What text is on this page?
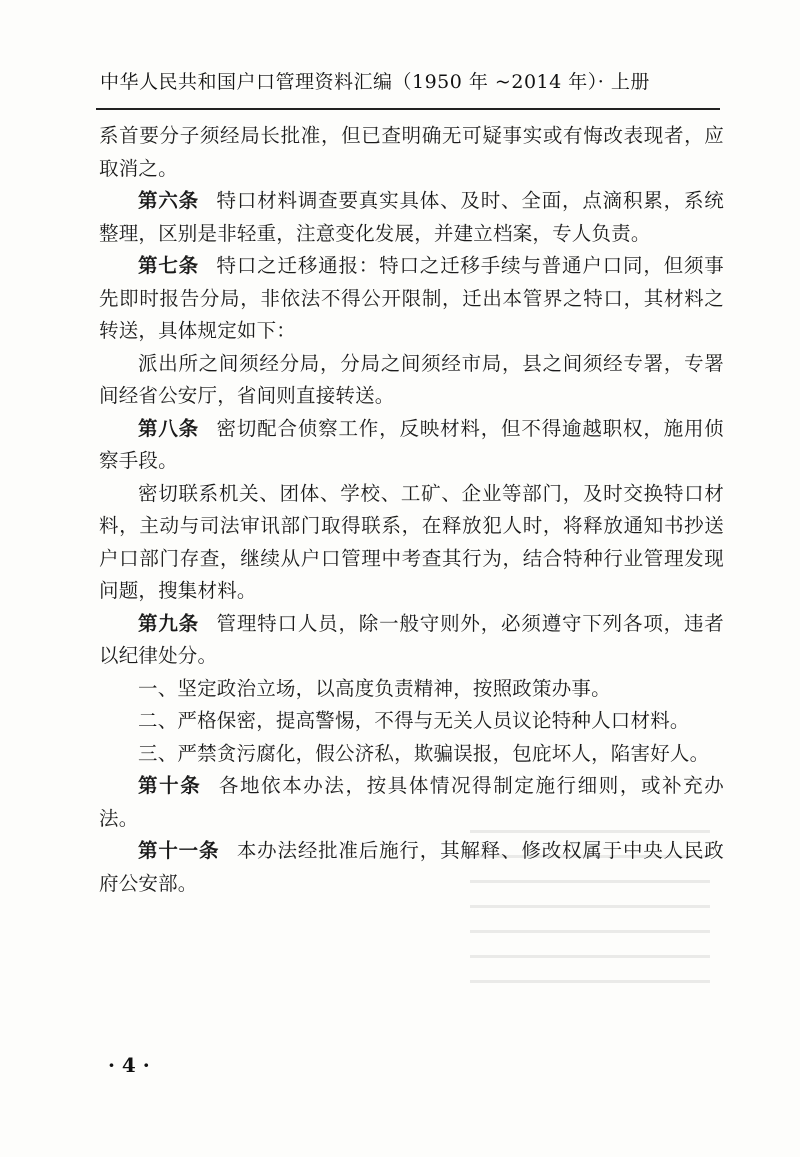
中华人民共和国户口管理资料汇编（1950 年 ~2014 年）· 上册

系首要分子须经局长批准，但已查明确无可疑事实或有悔改表现者，应取消之。

第六条 特口材料调查要真实具体、及时、全面，点滴积累，系统整理，区别是非轻重，注意变化发展，并建立档案，专人负责。

第七条 特口之迁移通报：特口之迁移手续与普通户口同，但须事先即时报告分局，非依法不得公开限制，迁出本管界之特口，其材料之转送，具体规定如下：

派出所之间须经分局，分局之间须经市局，县之间须经专署，专署间经省公安厅，省间则直接转送。

第八条 密切配合侦察工作，反映材料，但不得逾越职权，施用侦察手段。

密切联系机关、团体、学校、工矿、企业等部门，及时交换特口材料，主动与司法审讯部门取得联系，在释放犯人时，将释放通知书抄送户口部门存查，继续从户口管理中考查其行为，结合特种行业管理发现问题，搜集材料。

第九条 管理特口人员，除一般守则外，必须遵守下列各项，违者以纪律处分。

一、坚定政治立场，以高度负责精神，按照政策办事。

二、严格保密，提高警惕，不得与无关人员议论特种人口材料。

三、严禁贪污腐化，假公济私，欺骗误报，包庇坏人，陷害好人。

第十条 各地依本办法，按具体情况得制定施行细则，或补充办法。

第十一条 本办法经批准后施行，其解释、修改权属于中央人民政府公安部。

· 4 ·
